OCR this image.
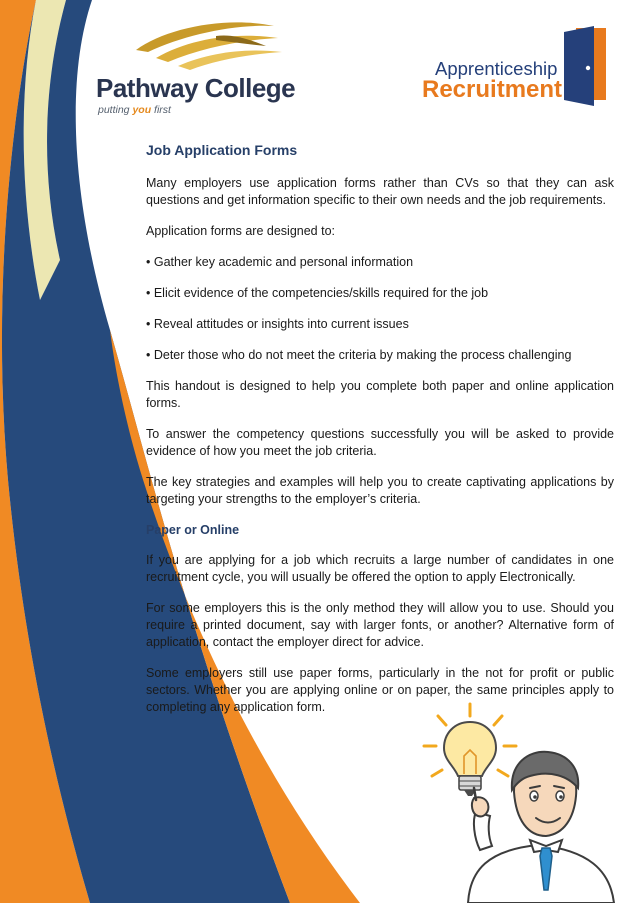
Pathway College
putting you first
Apprenticeship
Recruitment
Job Application Forms

Many employers use application forms rather than CVs so that they can ask questions and get information specific to their own needs and the job requirements.

Application forms are designed to:

• Gather key academic and personal information

• Elicit evidence of the competencies/skills required for the job

• Reveal attitudes or insights into current issues

• Deter those who do not meet the criteria by making the process challenging

This handout is designed to help you complete both paper and online application forms.

To answer the competency questions successfully you will be asked to provide evidence of how you meet the job criteria.

The key strategies and examples will help you to create captivating applications by targeting your strengths to the employer’s criteria.

Paper or Online

If you are applying for a job which recruits a large number of candidates in one recruitment cycle, you will usually be offered the option to apply Electronically.

For some employers this is the only method they will allow you to use. Should you require a printed document, say with larger fonts, or another? Alternative form of application, contact the employer direct for advice.

Some employers still use paper forms, particularly in the not for profit or public sectors. Whether you are applying online or on paper, the same principles apply to completing any application form.
